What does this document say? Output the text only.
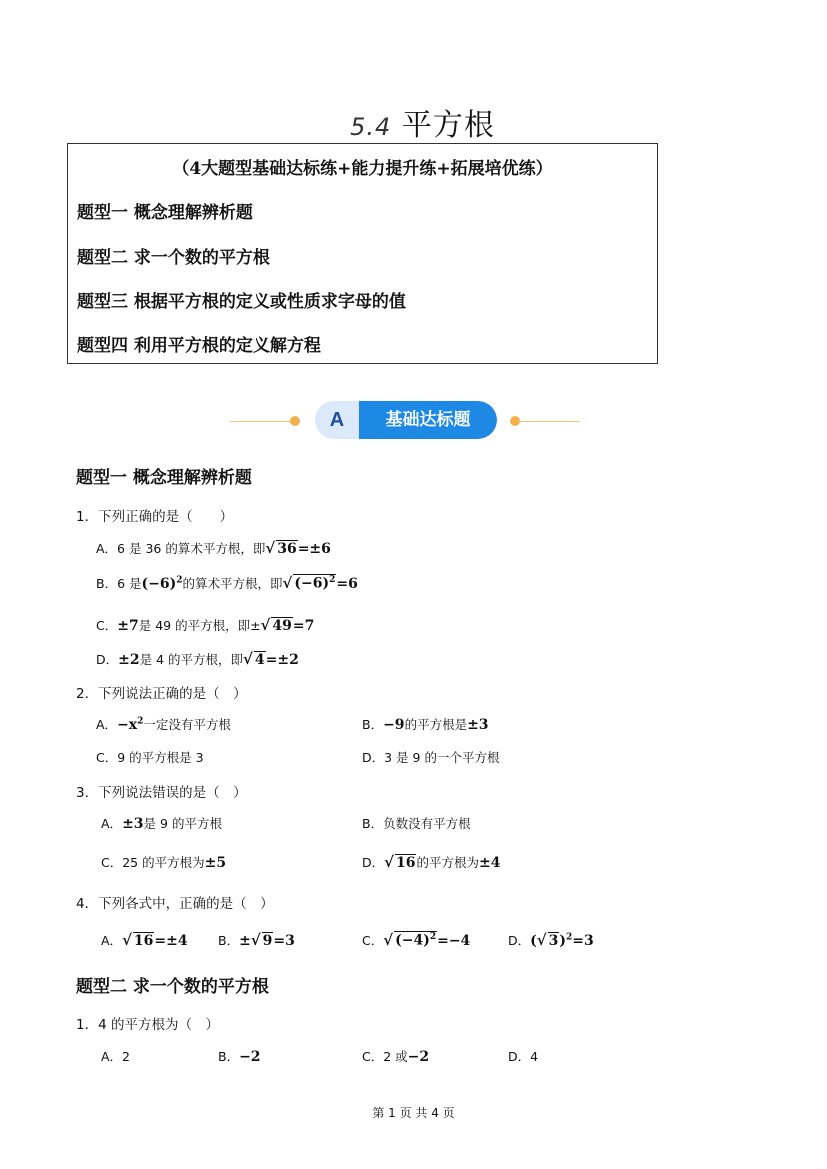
5.4 平方根
（4大题型基础达标练+能力提升练+拓展培优练）
题型一 概念理解辨析题
题型二 求一个数的平方根
题型三 根据平方根的定义或性质求字母的值
题型四 利用平方根的定义解方程
A	基础达标题
题型一 概念理解辨析题
1．下列正确的是（　　）
A．6 是 36 的算术平方根，即√ 36=±6
B．6 是$(-6)^2$的算术平方根，即√ $(-6)^2=6$
C．±7是 49 的平方根，即±√ 49=7
D．±2是 4 的平方根，即√ 4=±2
2．下列说法正确的是（　）
A．$-x^2$一定没有平方根	B．−9的平方根是±3
C．9 的平方根是 3	D．3 是 9 的一个平方根
3．下列说法错误的是（　）
A．±3是 9 的平方根	B．负数没有平方根
C．25 的平方根为±5	D．√ 16的平方根为±4
4．下列各式中，正确的是（　）
A．√ 16=±4 B．±√ 9=3	C．√ $(-4)^2=-4$	D．(√ 3)$^2$=3
题型二 求一个数的平方根
1．4 的平方根为（　）
A．2	B．−2	C．2 或−2	D．4
第 1 页 共 4 页
